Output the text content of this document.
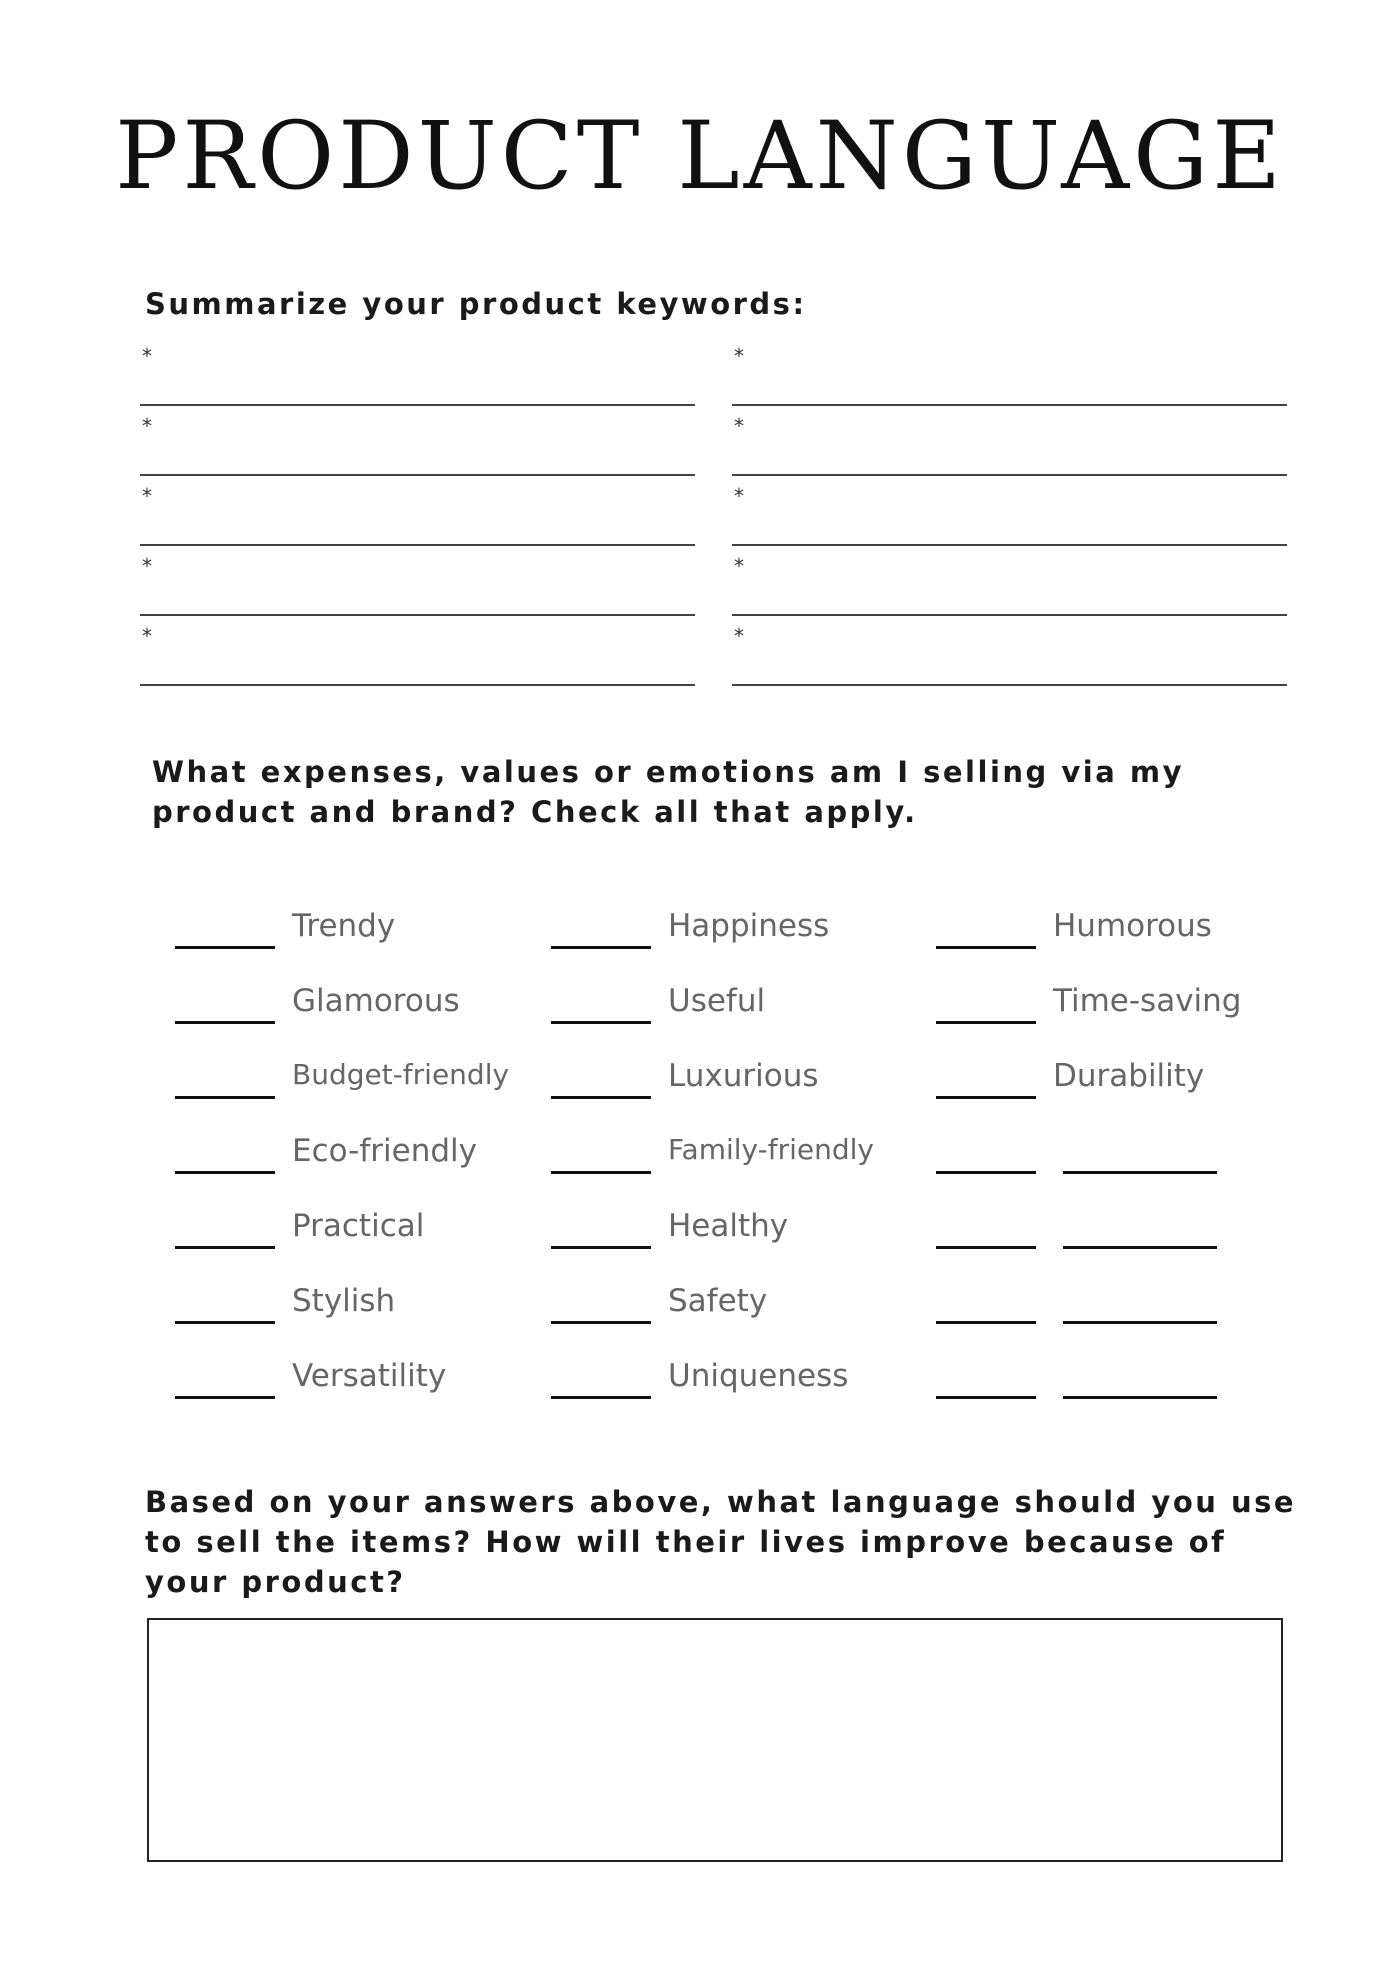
PRODUCT LANGUAGE
Summarize your product keywords:
*
*
*
*
*
*
*
*
*
*
What expenses, values or emotions am I selling via my product and brand? Check all that apply.
Trendy	Happiness	Humorous
Glamorous	Useful	Time-saving
Budget-friendly	Luxurious	Durability
Eco-friendly	Family-friendly
Practical	Healthy
Stylish	Safety
Versatility	Uniqueness
Based on your answers above, what language should you use to sell the items? How will their lives improve because of your product?
